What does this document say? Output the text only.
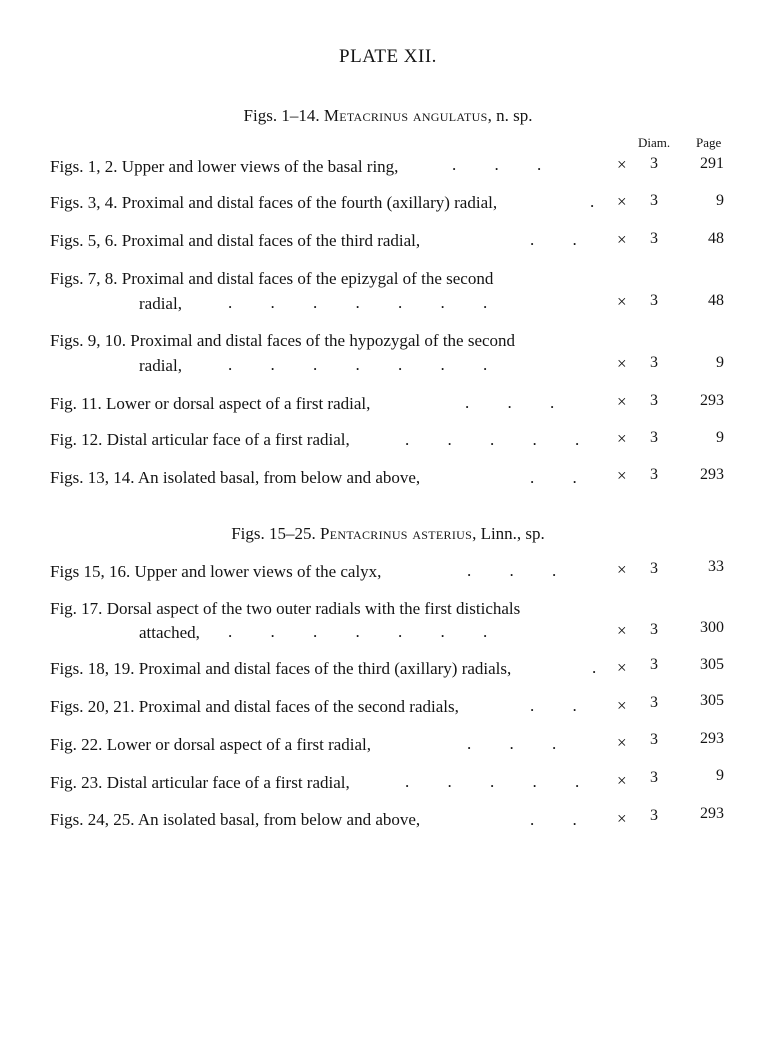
PLATE XII.
Figs. 1–14. Metacrinus angulatus, n. sp.
Diam. Page
Figs. 1, 2. Upper and lower views of the basal ring,	.         .         .	× 3	291
Figs. 3, 4. Proximal and distal faces of the fourth (axillary) radial,	. × 3	9
Figs. 5, 6. Proximal and distal faces of the third radial,	.         . × 3	48
Figs. 7, 8. Proximal and distal faces of the epizygal of the second
radial,	.         .         .         .         .         .         .	× 3	48
Figs. 9, 10. Proximal and distal faces of the hypozygal of the second
radial,	.         .         .         .         .         .         .	× 3	9
Fig. 11. Lower or dorsal aspect of a first radial,	.         .         .	× 3	293
Fig. 12. Distal articular face of a first radial,	.         .         .         .         . × 3	9
Figs. 13, 14. An isolated basal, from below and above,	.         . × 3	293
Figs. 15–25. Pentacrinus asterius, Linn., sp.
Figs 15, 16. Upper and lower views of the calyx,	.         .         .	× 3	33
Fig. 17. Dorsal aspect of the two outer radials with the first distichals
attached, .         .         .         .         .         .         .	× 3	300
Figs. 18, 19. Proximal and distal faces of the third (axillary) radials,	. × 3	305
Figs. 20, 21. Proximal and distal faces of the second radials,	.         . × 3	305
Fig. 22. Lower or dorsal aspect of a first radial,	.         .         .	× 3	293
Fig. 23. Distal articular face of a first radial,	.         .         .         .         . × 3	9
Figs. 24, 25. An isolated basal, from below and above,	.         . × 3	293
